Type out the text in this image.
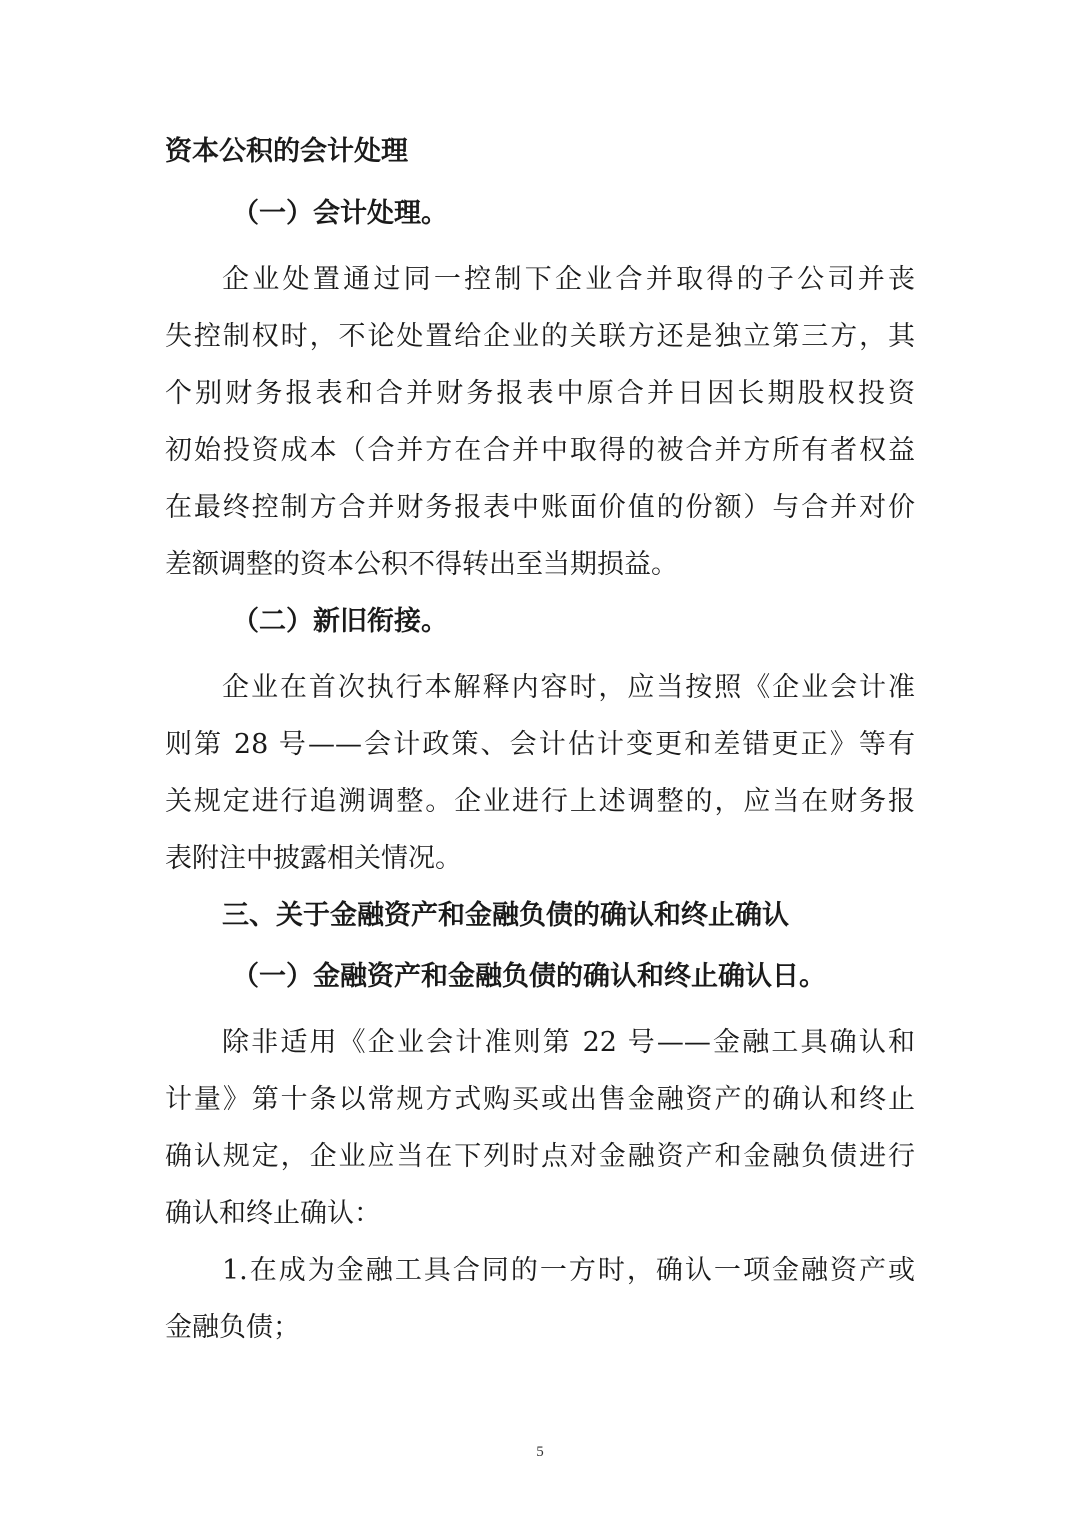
资本公积的会计处理
（一）会计处理。
企业处置通过同一控制下企业合并取得的子公司并丧
失控制权时，不论处置给企业的关联方还是独立第三方，其
个别财务报表和合并财务报表中原合并日因长期股权投资
初始投资成本（合并方在合并中取得的被合并方所有者权益
在最终控制方合并财务报表中账面价值的份额）与合并对价
差额调整的资本公积不得转出至当期损益。
（二）新旧衔接。
企业在首次执行本解释内容时，应当按照《企业会计准
则第 28 号——会计政策、会计估计变更和差错更正》等有
关规定进行追溯调整。企业进行上述调整的，应当在财务报
表附注中披露相关情况。
三、关于金融资产和金融负债的确认和终止确认
（一）金融资产和金融负债的确认和终止确认日。
除非适用《企业会计准则第 22 号——金融工具确认和
计量》第十条以常规方式购买或出售金融资产的确认和终止
确认规定，企业应当在下列时点对金融资产和金融负债进行
确认和终止确认：
1.在成为金融工具合同的一方时，确认一项金融资产或
金融负债；
5
